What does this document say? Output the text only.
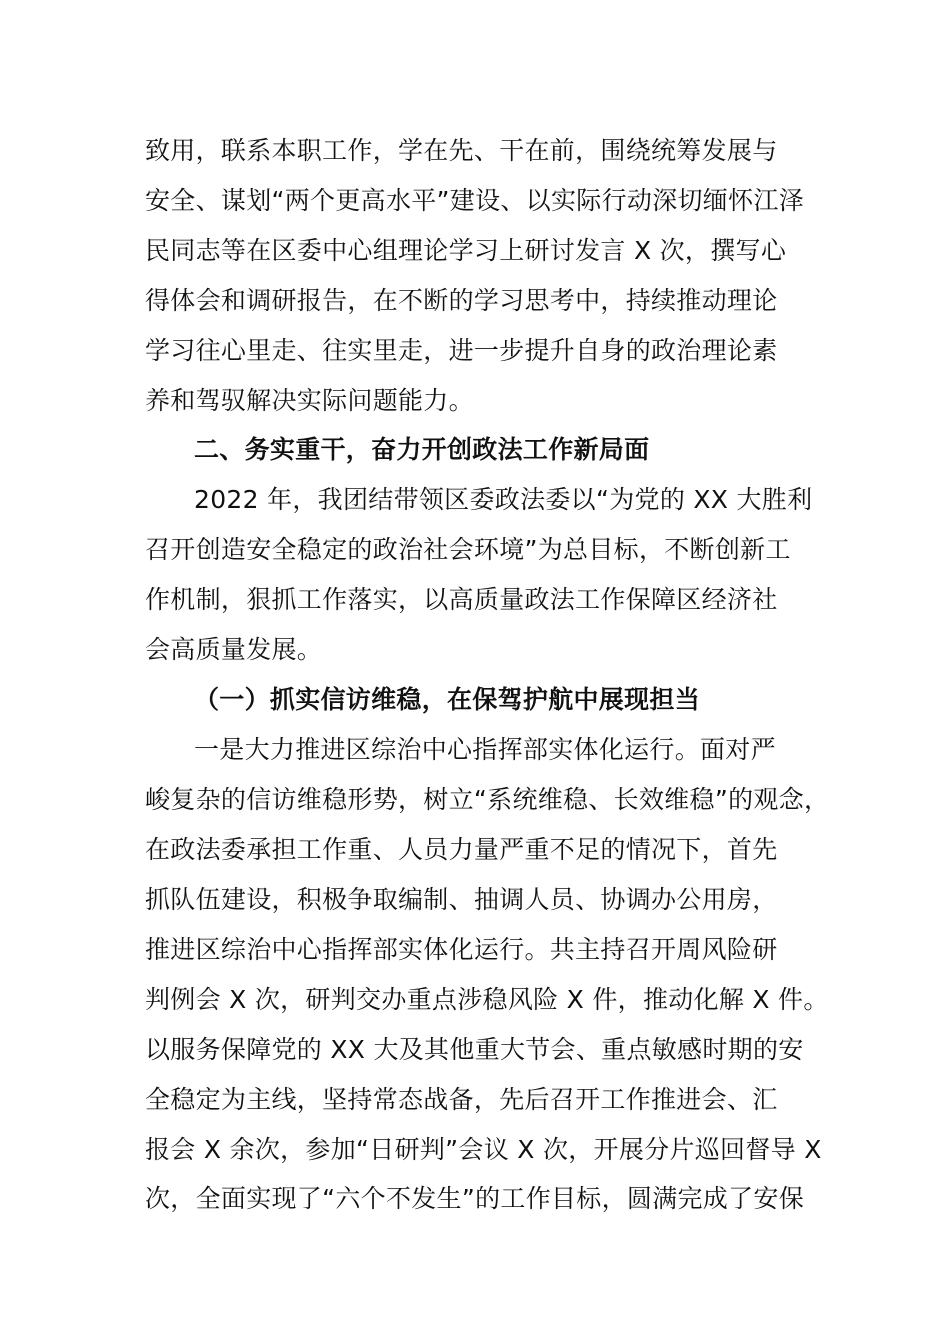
致用，联系本职工作，学在先、干在前，围绕统筹发展与
安全、谋划“两个更高水平”建设、以实际行动深切缅怀江泽
民同志等在区委中心组理论学习上研讨发言 X 次，撰写心
得体会和调研报告，在不断的学习思考中，持续推动理论
学习往心里走、往实里走，进一步提升自身的政治理论素
养和驾驭解决实际问题能力。
二、务实重干，奋力开创政法工作新局面
2022 年，我团结带领区委政法委以“为党的 XX 大胜利
召开创造安全稳定的政治社会环境”为总目标，不断创新工
作机制，狠抓工作落实，以高质量政法工作保障区经济社
会高质量发展。
（一）抓实信访维稳，在保驾护航中展现担当
一是大力推进区综治中心指挥部实体化运行。面对严
峻复杂的信访维稳形势，树立“系统维稳、长效维稳”的观念，
在政法委承担工作重、人员力量严重不足的情况下，首先
抓队伍建设，积极争取编制、抽调人员、协调办公用房，
推进区综治中心指挥部实体化运行。共主持召开周风险研
判例会 X 次，研判交办重点涉稳风险 X 件，推动化解 X 件。
以服务保障党的 XX 大及其他重大节会、重点敏感时期的安
全稳定为主线，坚持常态战备，先后召开工作推进会、汇
报会 X 余次，参加“日研判”会议 X 次，开展分片巡回督导 X
次，全面实现了“六个不发生”的工作目标，圆满完成了安保
